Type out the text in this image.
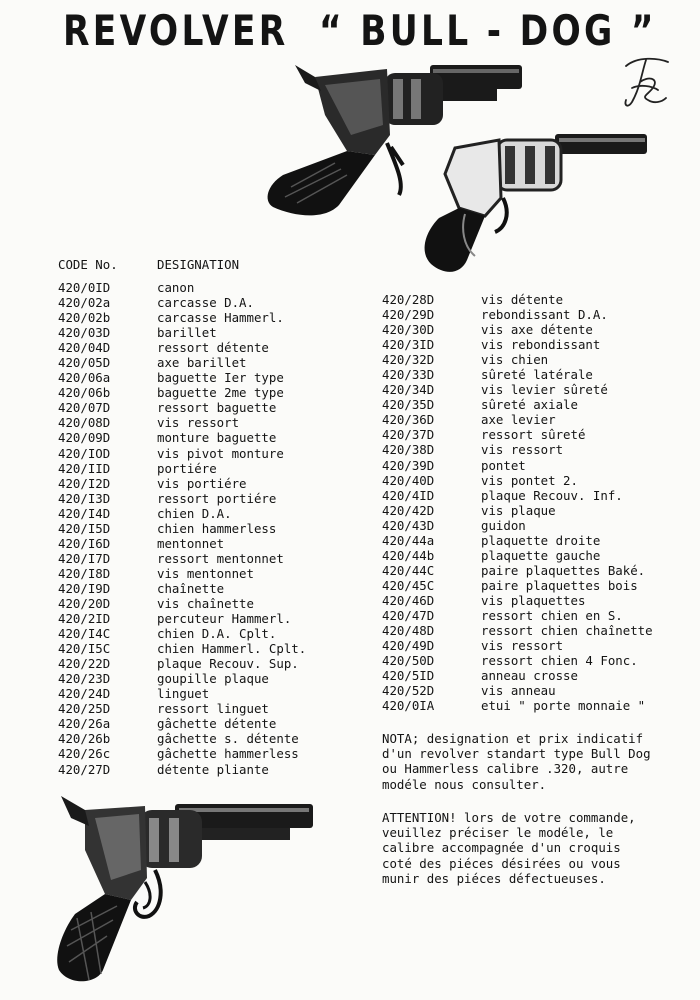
REVOLVER  “ BULL - DOG ”
CODE No.	DESIGNATION
420/0ID	canon
420/02a	carcasse D.A.
420/02b	carcasse Hammerl.
420/03D	barillet
420/04D	ressort détente
420/05D	axe barillet
420/06a	baguette Ier type
420/06b	baguette 2me type
420/07D	ressort baguette
420/08D	vis ressort
420/09D	monture baguette
420/IOD	vis pivot monture
420/IID	portiére
420/I2D	vis portiére
420/I3D	ressort portiére
420/I4D	chien D.A.
420/I5D	chien hammerless
420/I6D	mentonnet
420/I7D	ressort mentonnet
420/I8D	vis mentonnet
420/I9D	chaînette
420/20D	vis chaînette
420/2ID	percuteur Hammerl.
420/I4C	chien D.A. Cplt.
420/I5C	chien Hammerl. Cplt.
420/22D	plaque Recouv. Sup.
420/23D	goupille plaque
420/24D	linguet
420/25D	ressort linguet
420/26a	gâchette détente
420/26b	gâchette s. détente
420/26c	gâchette hammerless
420/27D	détente pliante
420/28D	vis détente
420/29D	rebondissant D.A.
420/30D	vis axe détente
420/3ID	vis rebondissant
420/32D	vis chien
420/33D	sûreté latérale
420/34D	vis levier sûreté
420/35D	sûreté axiale
420/36D	axe levier
420/37D	ressort sûreté
420/38D	vis ressort
420/39D	pontet
420/40D	vis pontet 2.
420/4ID	plaque Recouv. Inf.
420/42D	vis plaque
420/43D	guidon
420/44a	plaquette droite
420/44b	plaquette gauche
420/44C	paire plaquettes Baké.
420/45C	paire plaquettes bois
420/46D	vis plaquettes
420/47D	ressort chien en S.
420/48D	ressort chien chaînette
420/49D	vis ressort
420/50D	ressort chien 4 Fonc.
420/5ID	anneau crosse
420/52D	vis anneau
420/0IA	etui " porte monnaie "
NOTA; designation et prix indicatif
d'un revolver standart type Bull Dog
ou Hammerless calibre .320, autre
modéle nous consulter.
ATTENTION! lors de votre commande,
veuillez préciser le modéle, le
calibre accompagnée d'un croquis
coté des piéces désirées ou vous
munir des piéces défectueuses.
